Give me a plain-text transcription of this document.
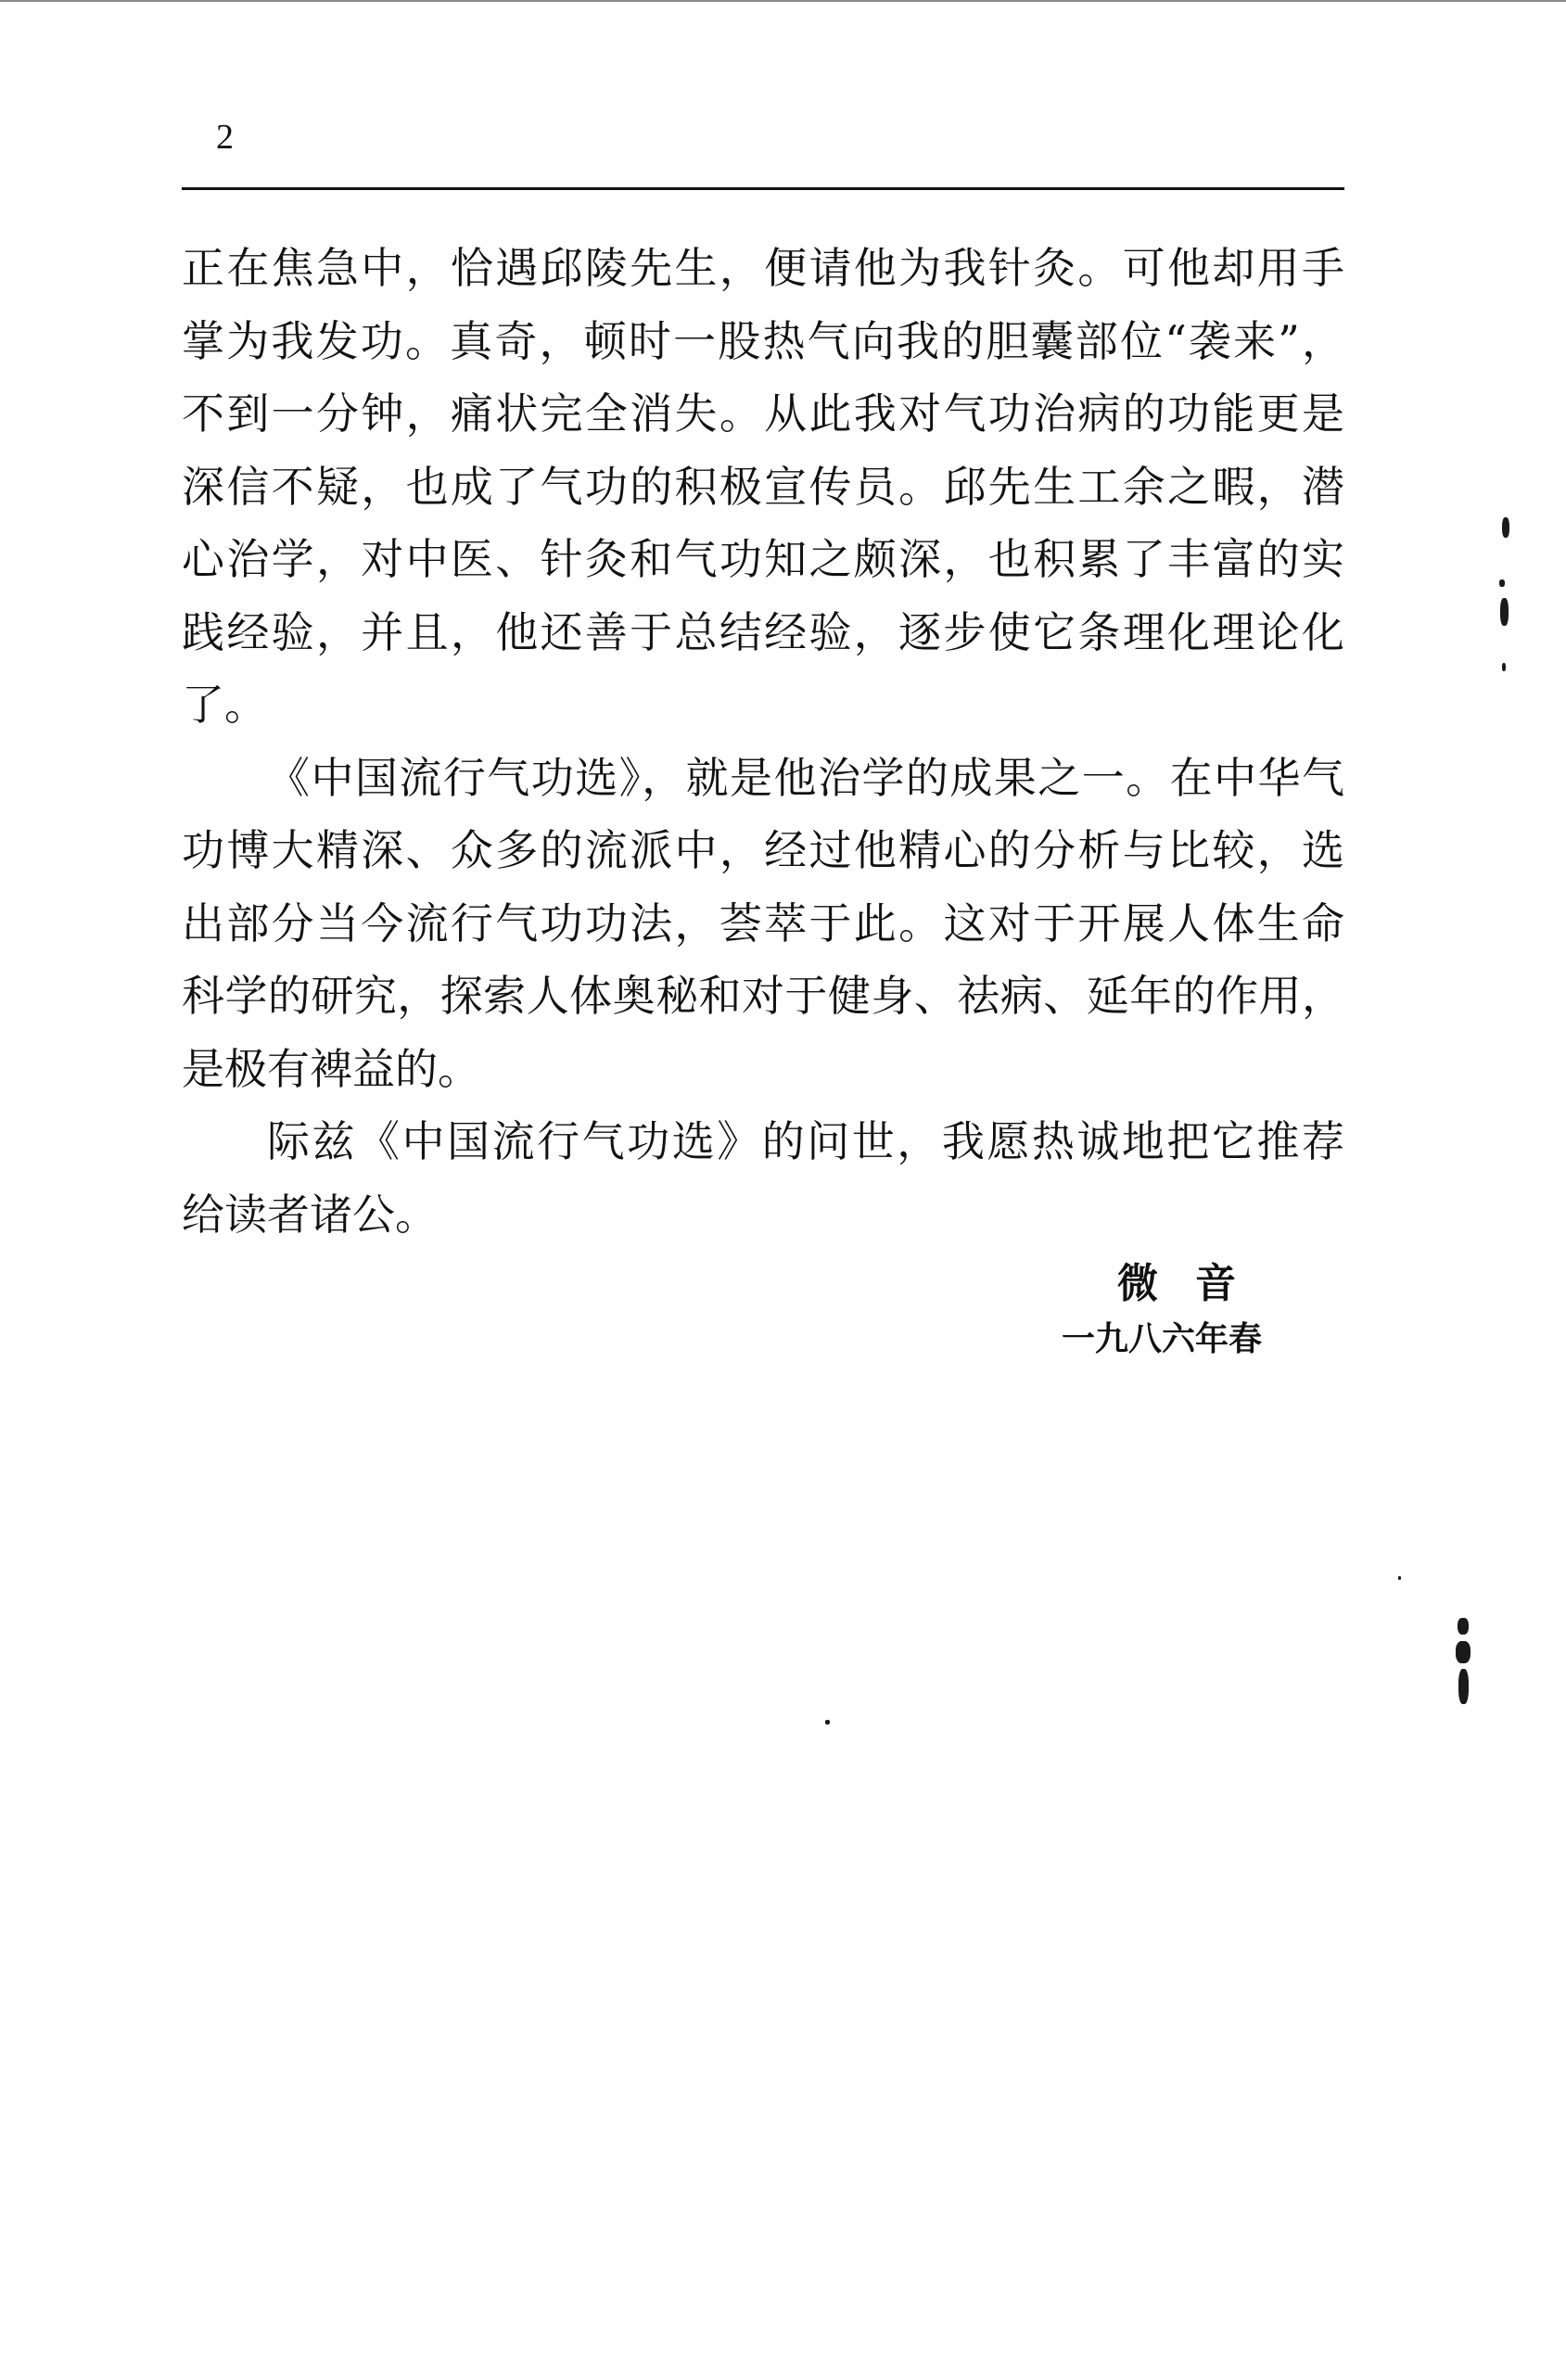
2
正在焦急中，恰遇邱陵先生，便请他为我针灸。可他却用手
掌为我发功。真奇，顿时一股热气向我的胆囊部位“袭来”，
不到一分钟，痛状完全消失。从此我对气功治病的功能更是
深信不疑，也成了气功的积极宣传员。邱先生工余之暇，潜
心治学，对中医、针灸和气功知之颇深，也积累了丰富的实
践经验，并且，他还善于总结经验，逐步使它条理化理论化
了。
《中国流行气功选》，就是他治学的成果之一。在中华气
功博大精深、众多的流派中，经过他精心的分析与比较，选
出部分当今流行气功功法，荟萃于此。这对于开展人体生命
科学的研究，探索人体奥秘和对于健身、祛病、延年的作用，
是极有裨益的。
际兹《中国流行气功选》的问世，我愿热诚地把它推荐
给读者诸公。
微音
一九八六年春
